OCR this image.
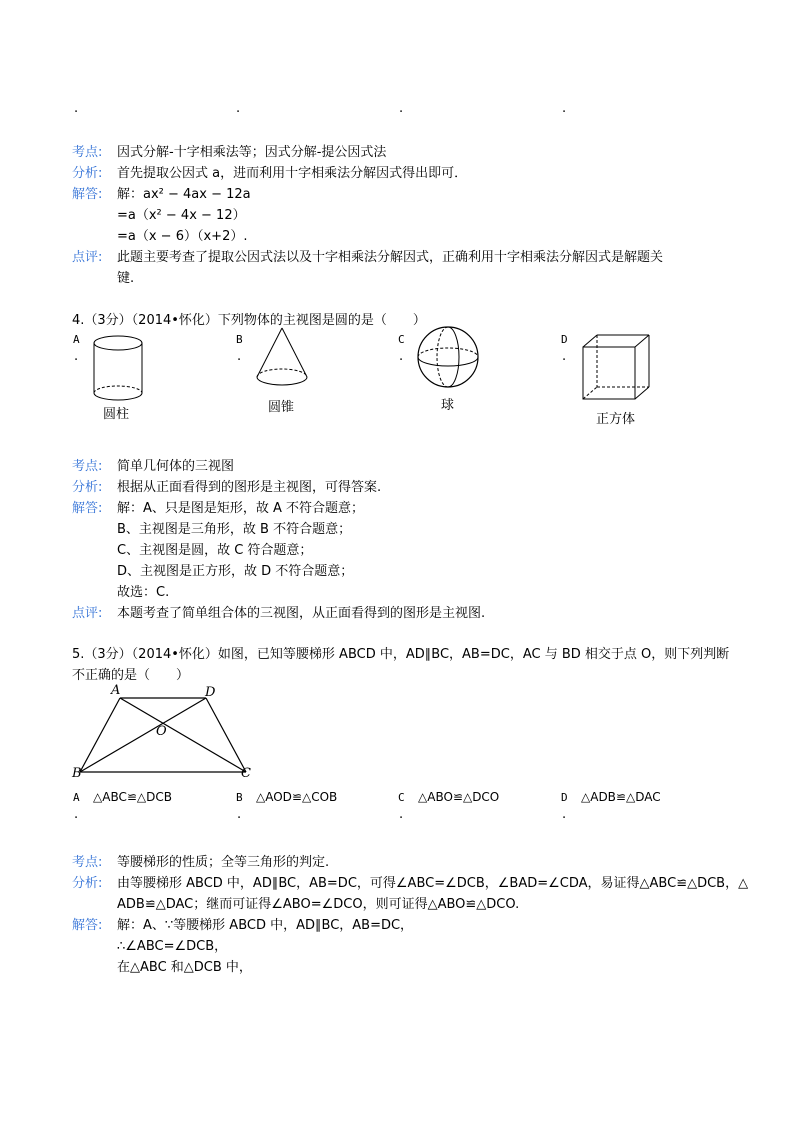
.	.	.	.
考点: 因式分解-十字相乘法等；因式分解-提公因式法
分析: 首先提取公因式 a，进而利用十字相乘法分解因式得出即可．
解答: 解：ax² − 4ax − 12a
=a（x² − 4x − 12）
=a（x − 6）（x+2）.
点评: 此题主要考查了提取公因式法以及十字相乘法分解因式，正确利用十字相乘法分解因式是解题关
键.
4.（3分）（2014•怀化）下列物体的主视图是圆的是（　　）
A
.
B
.
C
.
D
.
圆柱	圆锥	球
正方体
考点: 简单几何体的三视图
分析: 根据从正面看得到的图形是主视图，可得答案.
解答: 解：A、只是图是矩形，故 A 不符合题意；
B、主视图是三角形，故 B 不符合题意；
C、主视图是圆，故 C 符合题意；
D、主视图是正方形，故 D 不符合题意；
故选：C.
点评: 本题考查了简单组合体的三视图，从正面看得到的图形是主视图.
5.（3分）（2014•怀化）如图，已知等腰梯形 ABCD 中，AD∥BC，AB=DC，AC 与 BD 相交于点 O，则下列判断
不正确的是（　　）
A	D
O
B	C
A △ABC≌△DCB
.
B △AOD≌△COB
.
C △ABO≌△DCO
.
D △ADB≌△DAC
.
考点: 等腰梯形的性质；全等三角形的判定.
分析: 由等腰梯形 ABCD 中，AD∥BC，AB=DC，可得∠ABC=∠DCB，∠BAD=∠CDA，易证得△ABC≌△DCB，△
ADB≌△DAC；继而可证得∠ABO=∠DCO，则可证得△ABO≌△DCO.
解答: 解：A、∵等腰梯形 ABCD 中，AD∥BC，AB=DC，
∴∠ABC=∠DCB，
在△ABC 和△DCB 中，
